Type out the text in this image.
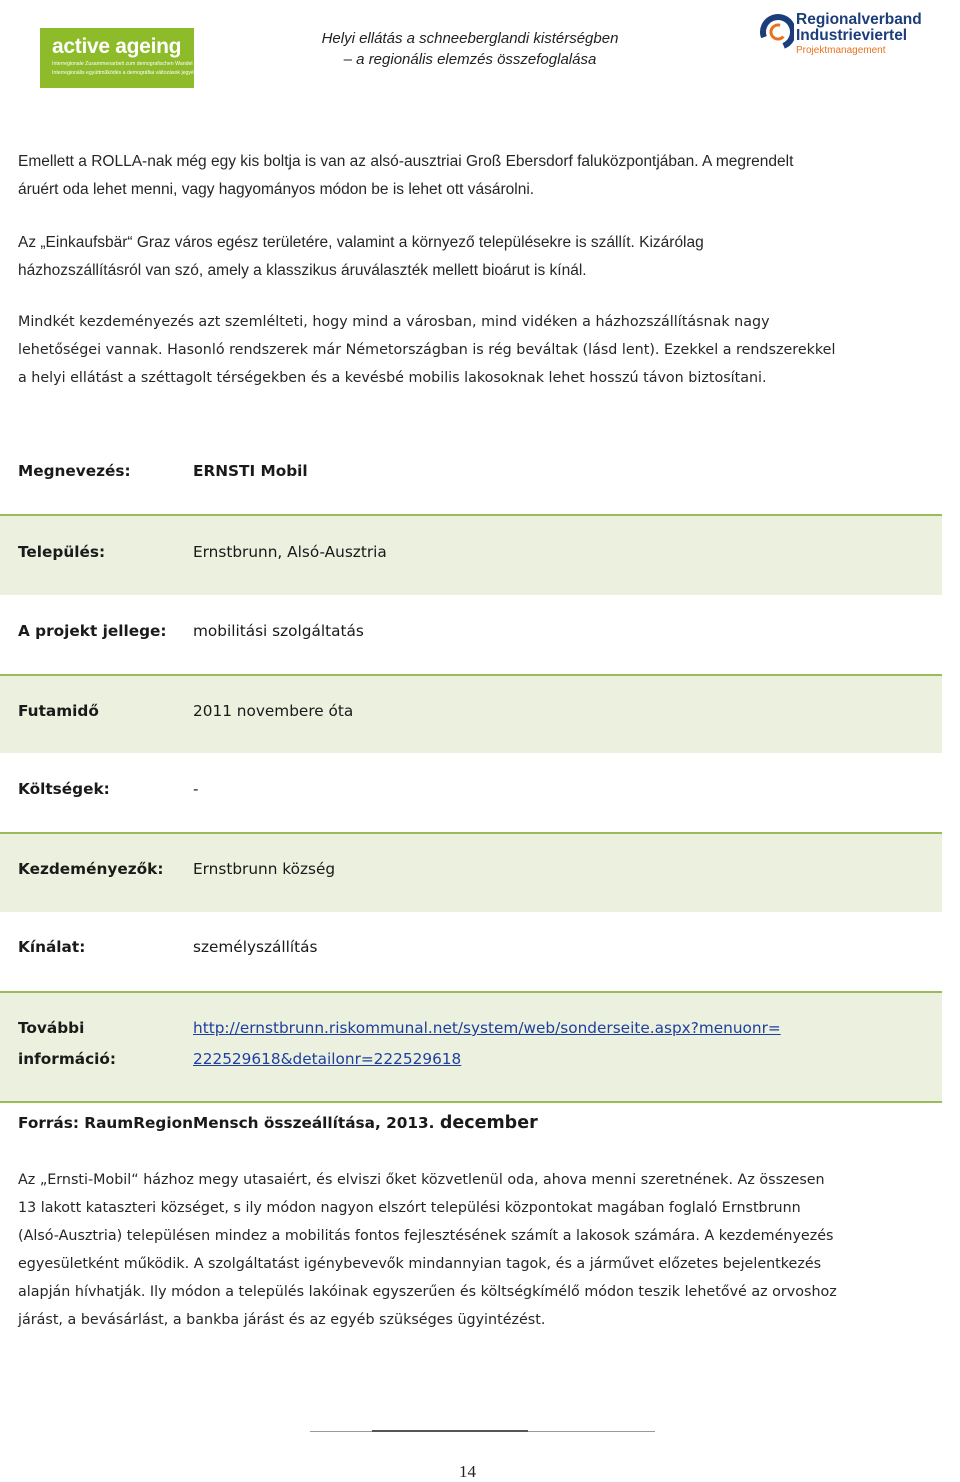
active ageing
Interregionale Zusammenarbeit zum demografischen Wandel
Interregionális együttműködés a demográfiai változások jegyében
Helyi ellátás a schneeberglandi kistérségben
– a regionális elemzés összefoglalása
Regionalverband
Industrieviertel
Projektmanagement
Emellett a ROLLA-nak még egy kis boltja is van az alsó-ausztriai Groß Ebersdorf faluközpontjában. A megrendelt
áruért oda lehet menni, vagy hagyományos módon be is lehet ott vásárolni.
Az „Einkaufsbär“ Graz város egész területére, valamint a környező településekre is szállít. Kizárólag
házhozszállításról van szó, amely a klasszikus áruválaszték mellett bioárut is kínál.
Mindkét kezdeményezés azt szemlélteti, hogy mind a városban, mind vidéken a házhozszállításnak nagy
lehetőségei vannak. Hasonló rendszerek már Németországban is rég beváltak (lásd lent). Ezekkel a rendszerekkel
a helyi ellátást a széttagolt térségekben és a kevésbé mobilis lakosoknak lehet hosszú távon biztosítani.
Megnevezés:	ERNSTI Mobil
Település:	Ernstbrunn, Alsó-Ausztria
A projekt jellege: mobilitási szolgáltatás
Futamidő	2011 novembere óta
Költségek:	-
Kezdeményezők: Ernstbrunn község
Kínálat:	személyszállítás
További
információ:
http://ernstbrunn.riskommunal.net/system/web/sonderseite.aspx?menuonr=
222529618&detailonr=222529618
Forrás: RaumRegionMensch összeállítása, 2013. december
Az „Ernsti-Mobil“ házhoz megy utasaiért, és elviszi őket közvetlenül oda, ahova menni szeretnének. Az összesen
13 lakott kataszteri községet, s ily módon nagyon elszórt települési központokat magában foglaló Ernstbrunn
(Alsó-Ausztria) településen mindez a mobilitás fontos fejlesztésének számít a lakosok számára. A kezdeményezés
egyesületként működik. A szolgáltatást igénybevevők mindannyian tagok, és a járművet előzetes bejelentkezés
alapján hívhatják. Ily módon a település lakóinak egyszerűen és költségkímélő módon teszik lehetővé az orvoshoz
járást, a bevásárlást, a bankba járást és az egyéb szükséges ügyintézést.
14
